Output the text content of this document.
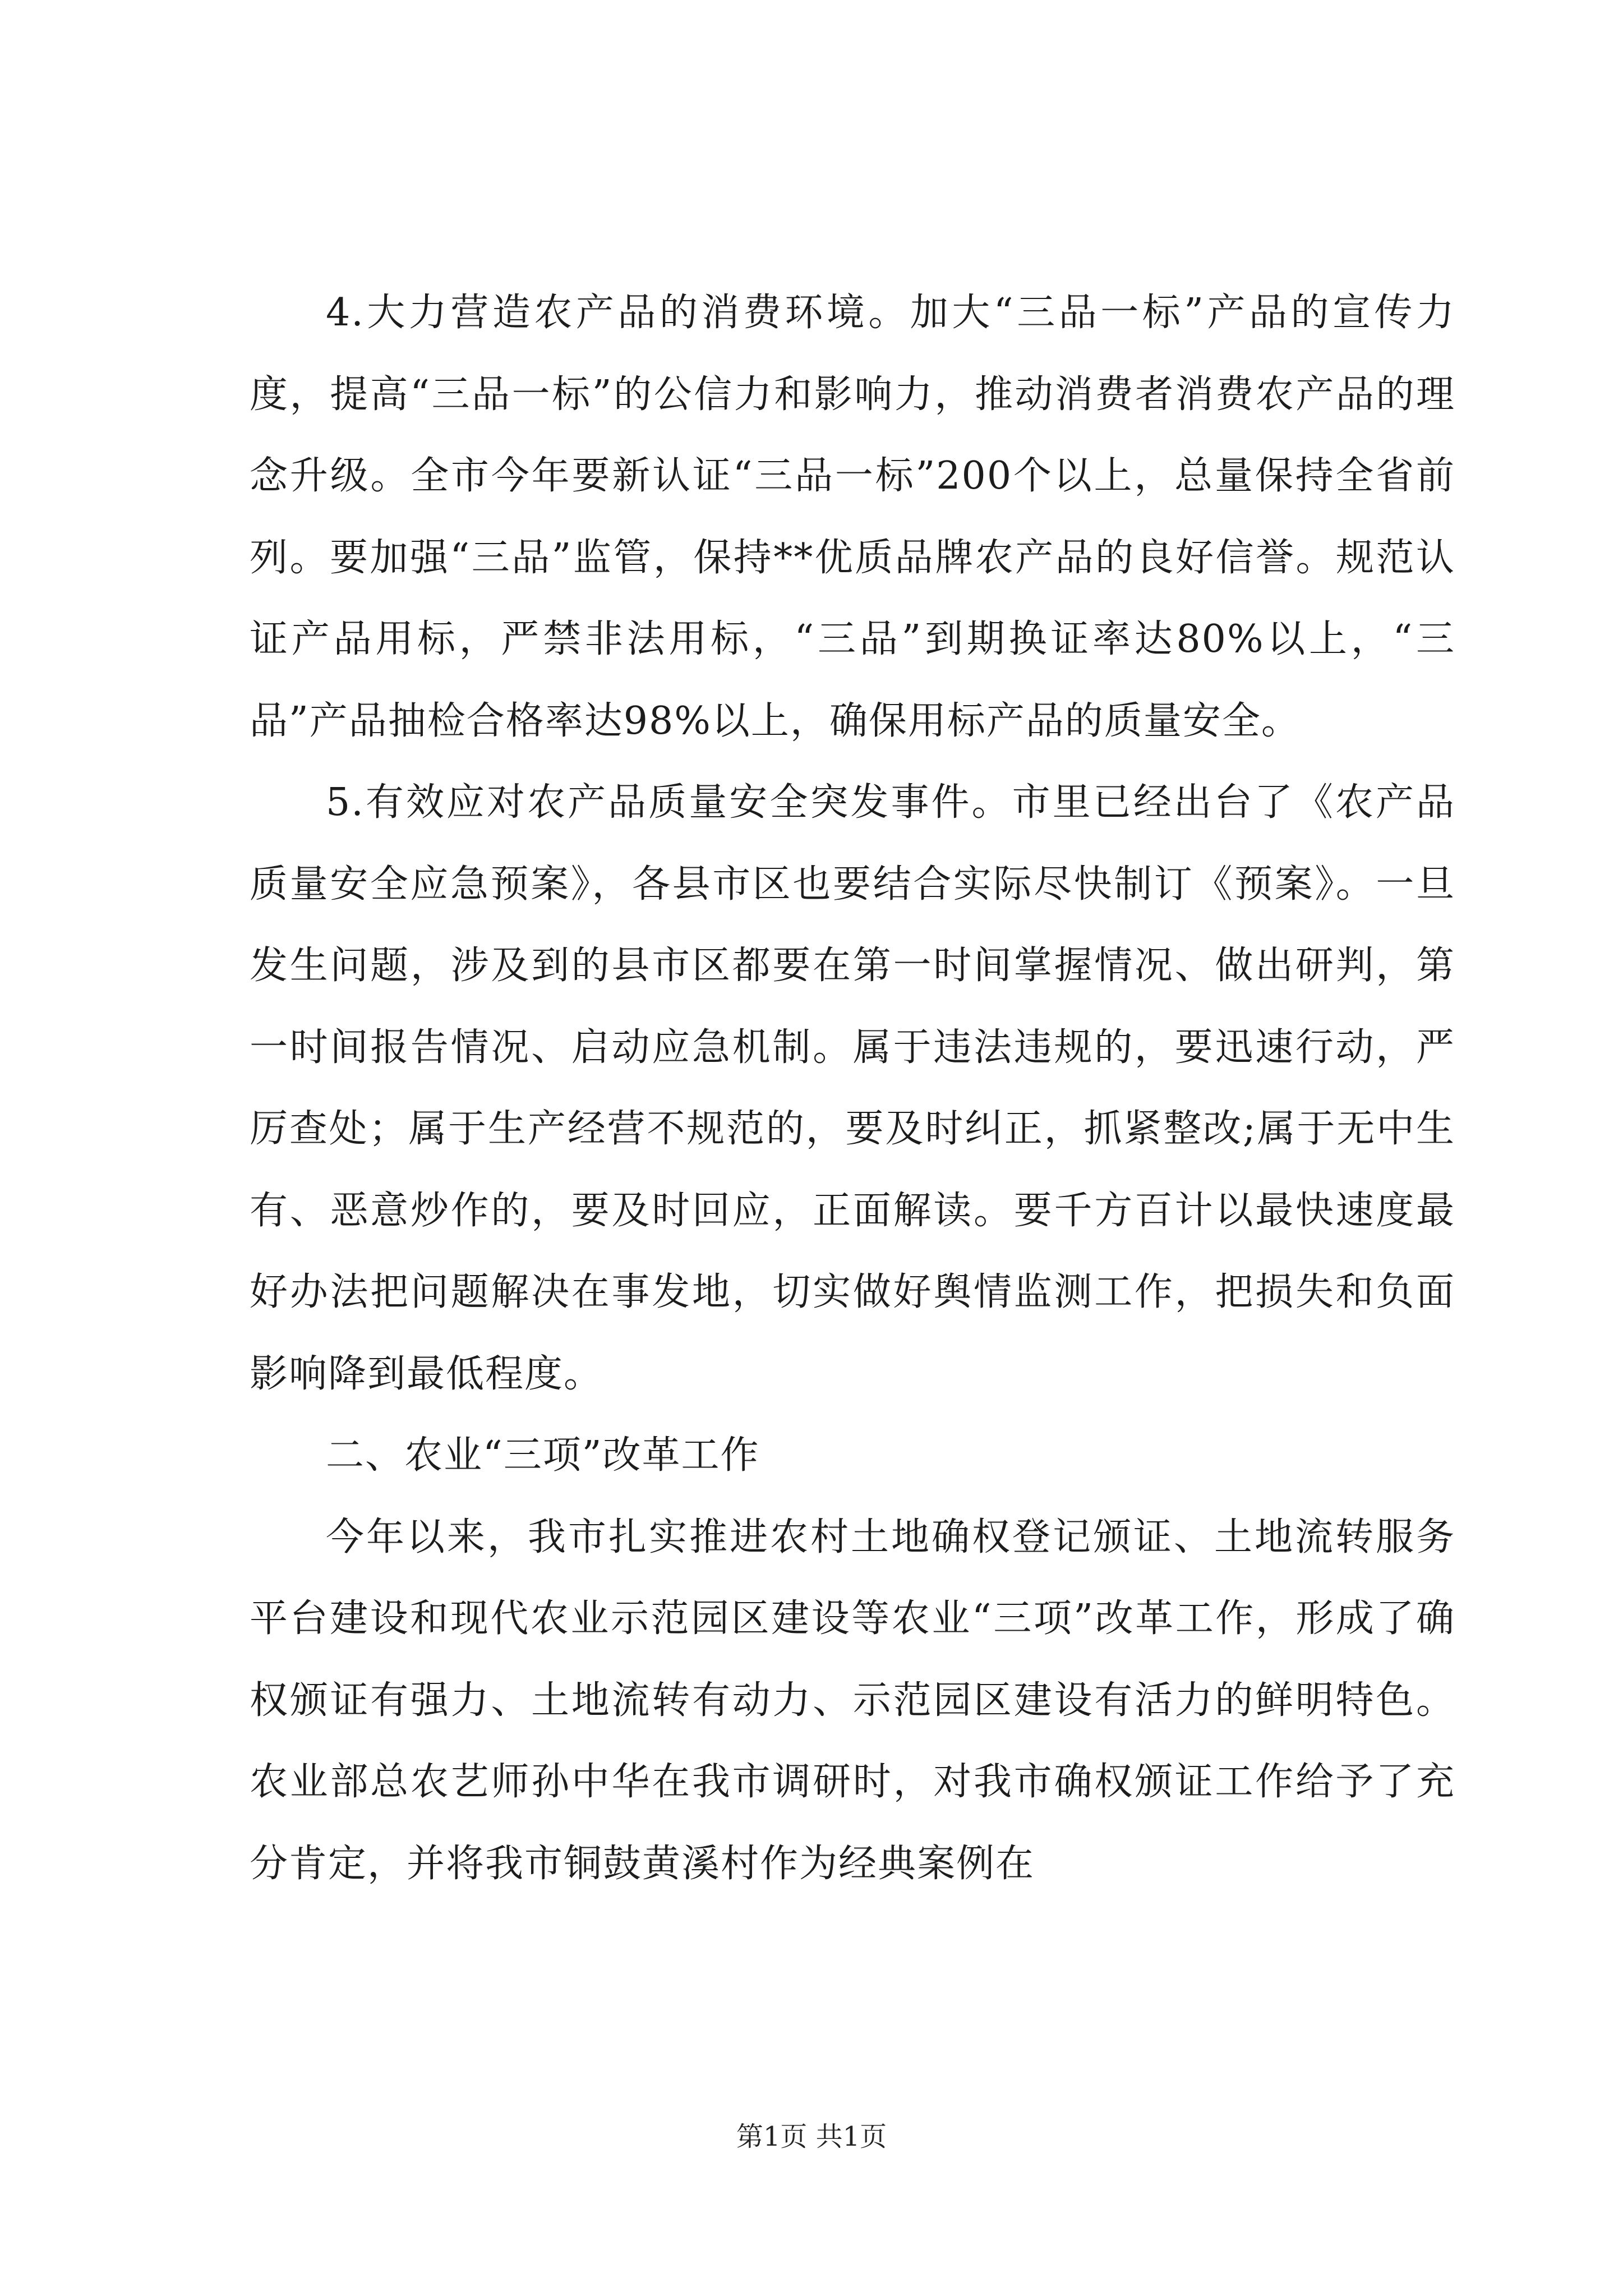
4.大力营造农产品的消费环境。加大“三品一标”产品的宣传力度，提高“三品一标”的公信力和影响力，推动消费者消费农产品的理念升级。全市今年要新认证“三品一标”200个以上，总量保持全省前列。要加强“三品”监管，保持**优质品牌农产品的良好信誉。规范认证产品用标，严禁非法用标，“三品”到期换证率达80%以上，“三品”产品抽检合格率达98%以上，确保用标产品的质量安全。

5.有效应对农产品质量安全突发事件。市里已经出台了《农产品质量安全应急预案》，各县市区也要结合实际尽快制订《预案》。一旦发生问题，涉及到的县市区都要在第一时间掌握情况、做出研判，第一时间报告情况、启动应急机制。属于违法违规的，要迅速行动，严厉查处；属于生产经营不规范的，要及时纠正，抓紧整改;属于无中生有、恶意炒作的，要及时回应，正面解读。要千方百计以最快速度最好办法把问题解决在事发地，切实做好舆情监测工作，把损失和负面影响降到最低程度。

二、农业“三项”改革工作

今年以来，我市扎实推进农村土地确权登记颁证、土地流转服务平台建设和现代农业示范园区建设等农业“三项”改革工作，形成了确权颁证有强力、土地流转有动力、示范园区建设有活力的鲜明特色。农业部总农艺师孙中华在我市调研时，对我市确权颁证工作给予了充分肯定，并将我市铜鼓黄溪村作为经典案例在

第1页 共1页
